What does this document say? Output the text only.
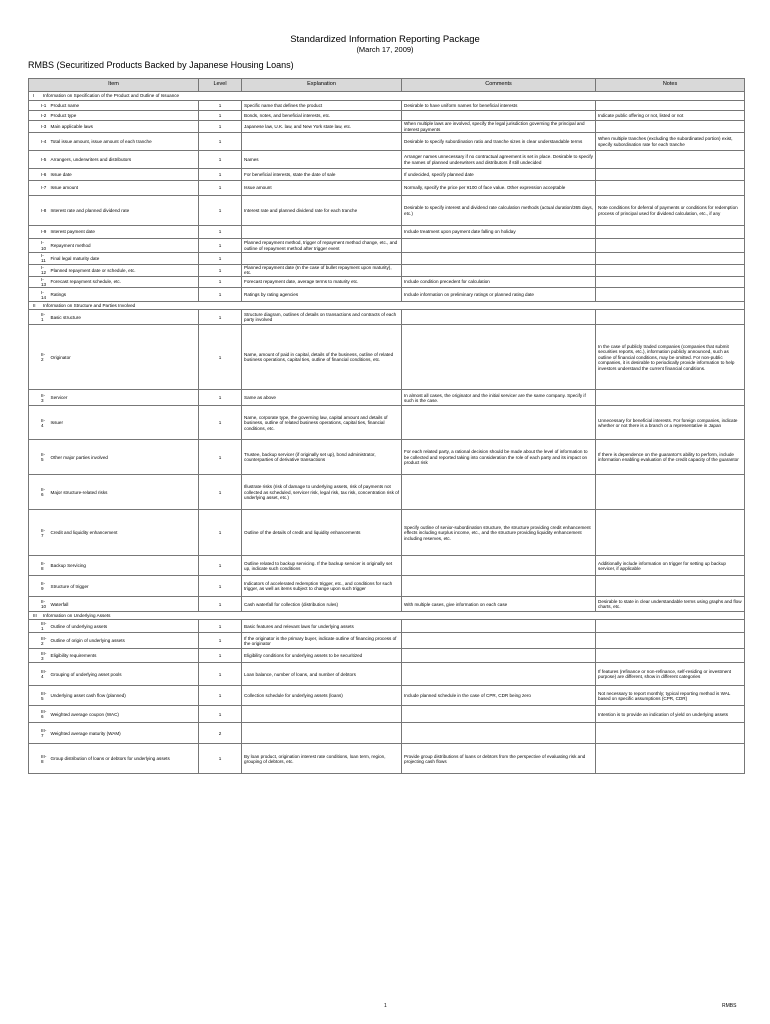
Standardized Information Reporting Package
(March 17, 2009)
RMBS (Securitized Products Backed by Japanese Housing Loans)
Item		Level	Explanation	Comments	Notes
I Information on Specification of the Product and Outline of Issuance					
I-1	Product name	1	Specific name that defines the product	Desirable to have uniform names for beneficial interests	
I-2	Product type	1	Bonds, notes, and beneficial interests, etc.		Indicate public offering or not, listed or not
I-3	Main applicable laws	1	Japanese law, U.K. law, and New York state law, etc.	When multiple laws are involved, specify the legal jurisdiction governing the principal and interest payments	
I-4	Total issue amount, issue amount of each tranche	1		Desirable to specify subordination ratio and tranche sizes in clear understandable terms	When multiple tranches (excluding the subordinated portion) exist, specify subordination rate for each tranche
I-5	Arrangers, underwriters and distributors	1	Names	Arranger names unnecessary if no contractual agreement is set in place. Desirable to specify the names of planned underwriters and distributors if still undecided	
I-6	Issue date	1	For beneficial interests, state the date of sale	If undecided, specify planned date	
I-7	Issue amount	1	Issue amount	Normally, specify the price per ¥100 of face value. Other expression acceptable	
I-8	Interest rate and planned dividend rate	1	Interest rate and planned dividend rate for each tranche	Desirable to specify interest and dividend rate calculation methods (actual duration/365 days, etc.)	Note conditions for deferral of payments or conditions for redemption process of principal used for dividend calculation, etc., if any
I-9	Interest payment date	1		Include treatment upon payment date falling on holiday	
I-10	Repayment method	1	Planned repayment method, trigger of repayment method change, etc., and outline of repayment method after trigger event		
I-11	Final legal maturity date	1			
I-12	Planned repayment date or schedule, etc.	1	Planned repayment date (In the case of bullet repayment upon maturity), etc.		
I-13	Forecast repayment schedule, etc.	1	Forecast repayment date, average terms to maturity etc.	Include condition precedent for calculation	
I-14	Ratings	1	Ratings by rating agencies	Include information on preliminary ratings or planned rating date	
II Information on Structure and Parties Involved					
II-1	Basic structure	1	Structure diagram, outlines of details on transactions and contracts of each party involved		
II-2	Originator	1	Name, amount of paid in capital, details of the business, outline of related business operations, capital ties, outline of financial conditions, etc.		In the case of publicly traded companies (companies that submit securities reports, etc.), information publicly announced, such as outline of financial conditions, may be omitted. For non-public companies, it is desirable to periodically provide information to help investors understand the current financial conditions.
II-3	Servicer	1	Same as above	In almost all cases, the originator and the initial servicer are the same company. Specify if such is the case.	
II-4	Issuer	1	Name, corporate type, the governing law, capital amount and details of business, outline of related business operations, capital ties, financial conditions, etc.		Unnecessary for beneficial interests. For foreign companies, indicate whether or not there is a branch or a representative in Japan
II-5	Other major parties involved	1	Trustee, backup servicer (if originally set up), bond administrator, counterparties of derivative transactions	For each related party, a rational decision should be made about the level of information to be collected and reported taking into consideration the role of each party and its impact on product risk	If there is dependence on the guarantor's ability to perform, include information enabling evaluation of the credit capacity of the guarantor
II-6	Major structure-related risks	1	Illustrate risks (risk of damage to underlying assets, risk of payments not collected as scheduled, servicer risk, legal risk, tax risk, concentration risk of underlying asset, etc.)		
II-7	Credit and liquidity enhancement	1	Outline of the details of credit and liquidity enhancements	Specify outline of senior-subordination structure, the structure providing credit enhancement effects including surplus income, etc., and the structure providing liquidity enhancement including reserves, etc.	
II-8	Backup Servicing	1	Outline related to backup servicing. If the backup servicer is originally set up, indicate such conditions		Additionally include information on trigger for setting up backup servicer, if applicable
II-9	Structure of trigger	1	Indicators of accelerated redemption trigger, etc., and conditions for such trigger, as well as items subject to change upon such trigger		
II-10	Waterfall	1	Cash waterfall for collection (distribution rules)	With multiple cases, give information on each case	Desirable to state in clear understandable terms using graphs and flow charts, etc.
III Information on Underlying Assets					
III-1	Outline of underlying assets	1	Basic features and relevant laws for underlying assets		
III-2	Outline of origin of underlying assets	1	If the originator is the primary buyer, indicate outline of financing process of the originator		
III-3	Eligibility requirements	1	Eligibility conditions for underlying assets to be securitized		
III-4	Grouping of underlying asset pools	1	Loan balance, number of loans, and number of debtors		If features (refinance or non-refinance, self-residing or investment purpose) are different, show in different categories
III-5	Underlying asset cash flow (planned)	1	Collection schedule for underlying assets (loans)	Include planned schedule in the case of CPR, CDR being zero	Not necessary to report monthly; typical reporting method is WAL based on specific assumptions (CPR, CDR)
III-6	Weighted average coupon (WAC)	1			Intention is to provide an indication of yield on underlying assets
III-7	Weighted average maturity (WAM)	2			
III-8	Group distribution of loans or debtors for underlying assets	1	By loan product, origination interest rate conditions, loan term, region, grouping of debtors, etc.	Provide group distributions of loans or debtors from the perspective of evaluating risk and projecting cash flows	
1	RMBS
